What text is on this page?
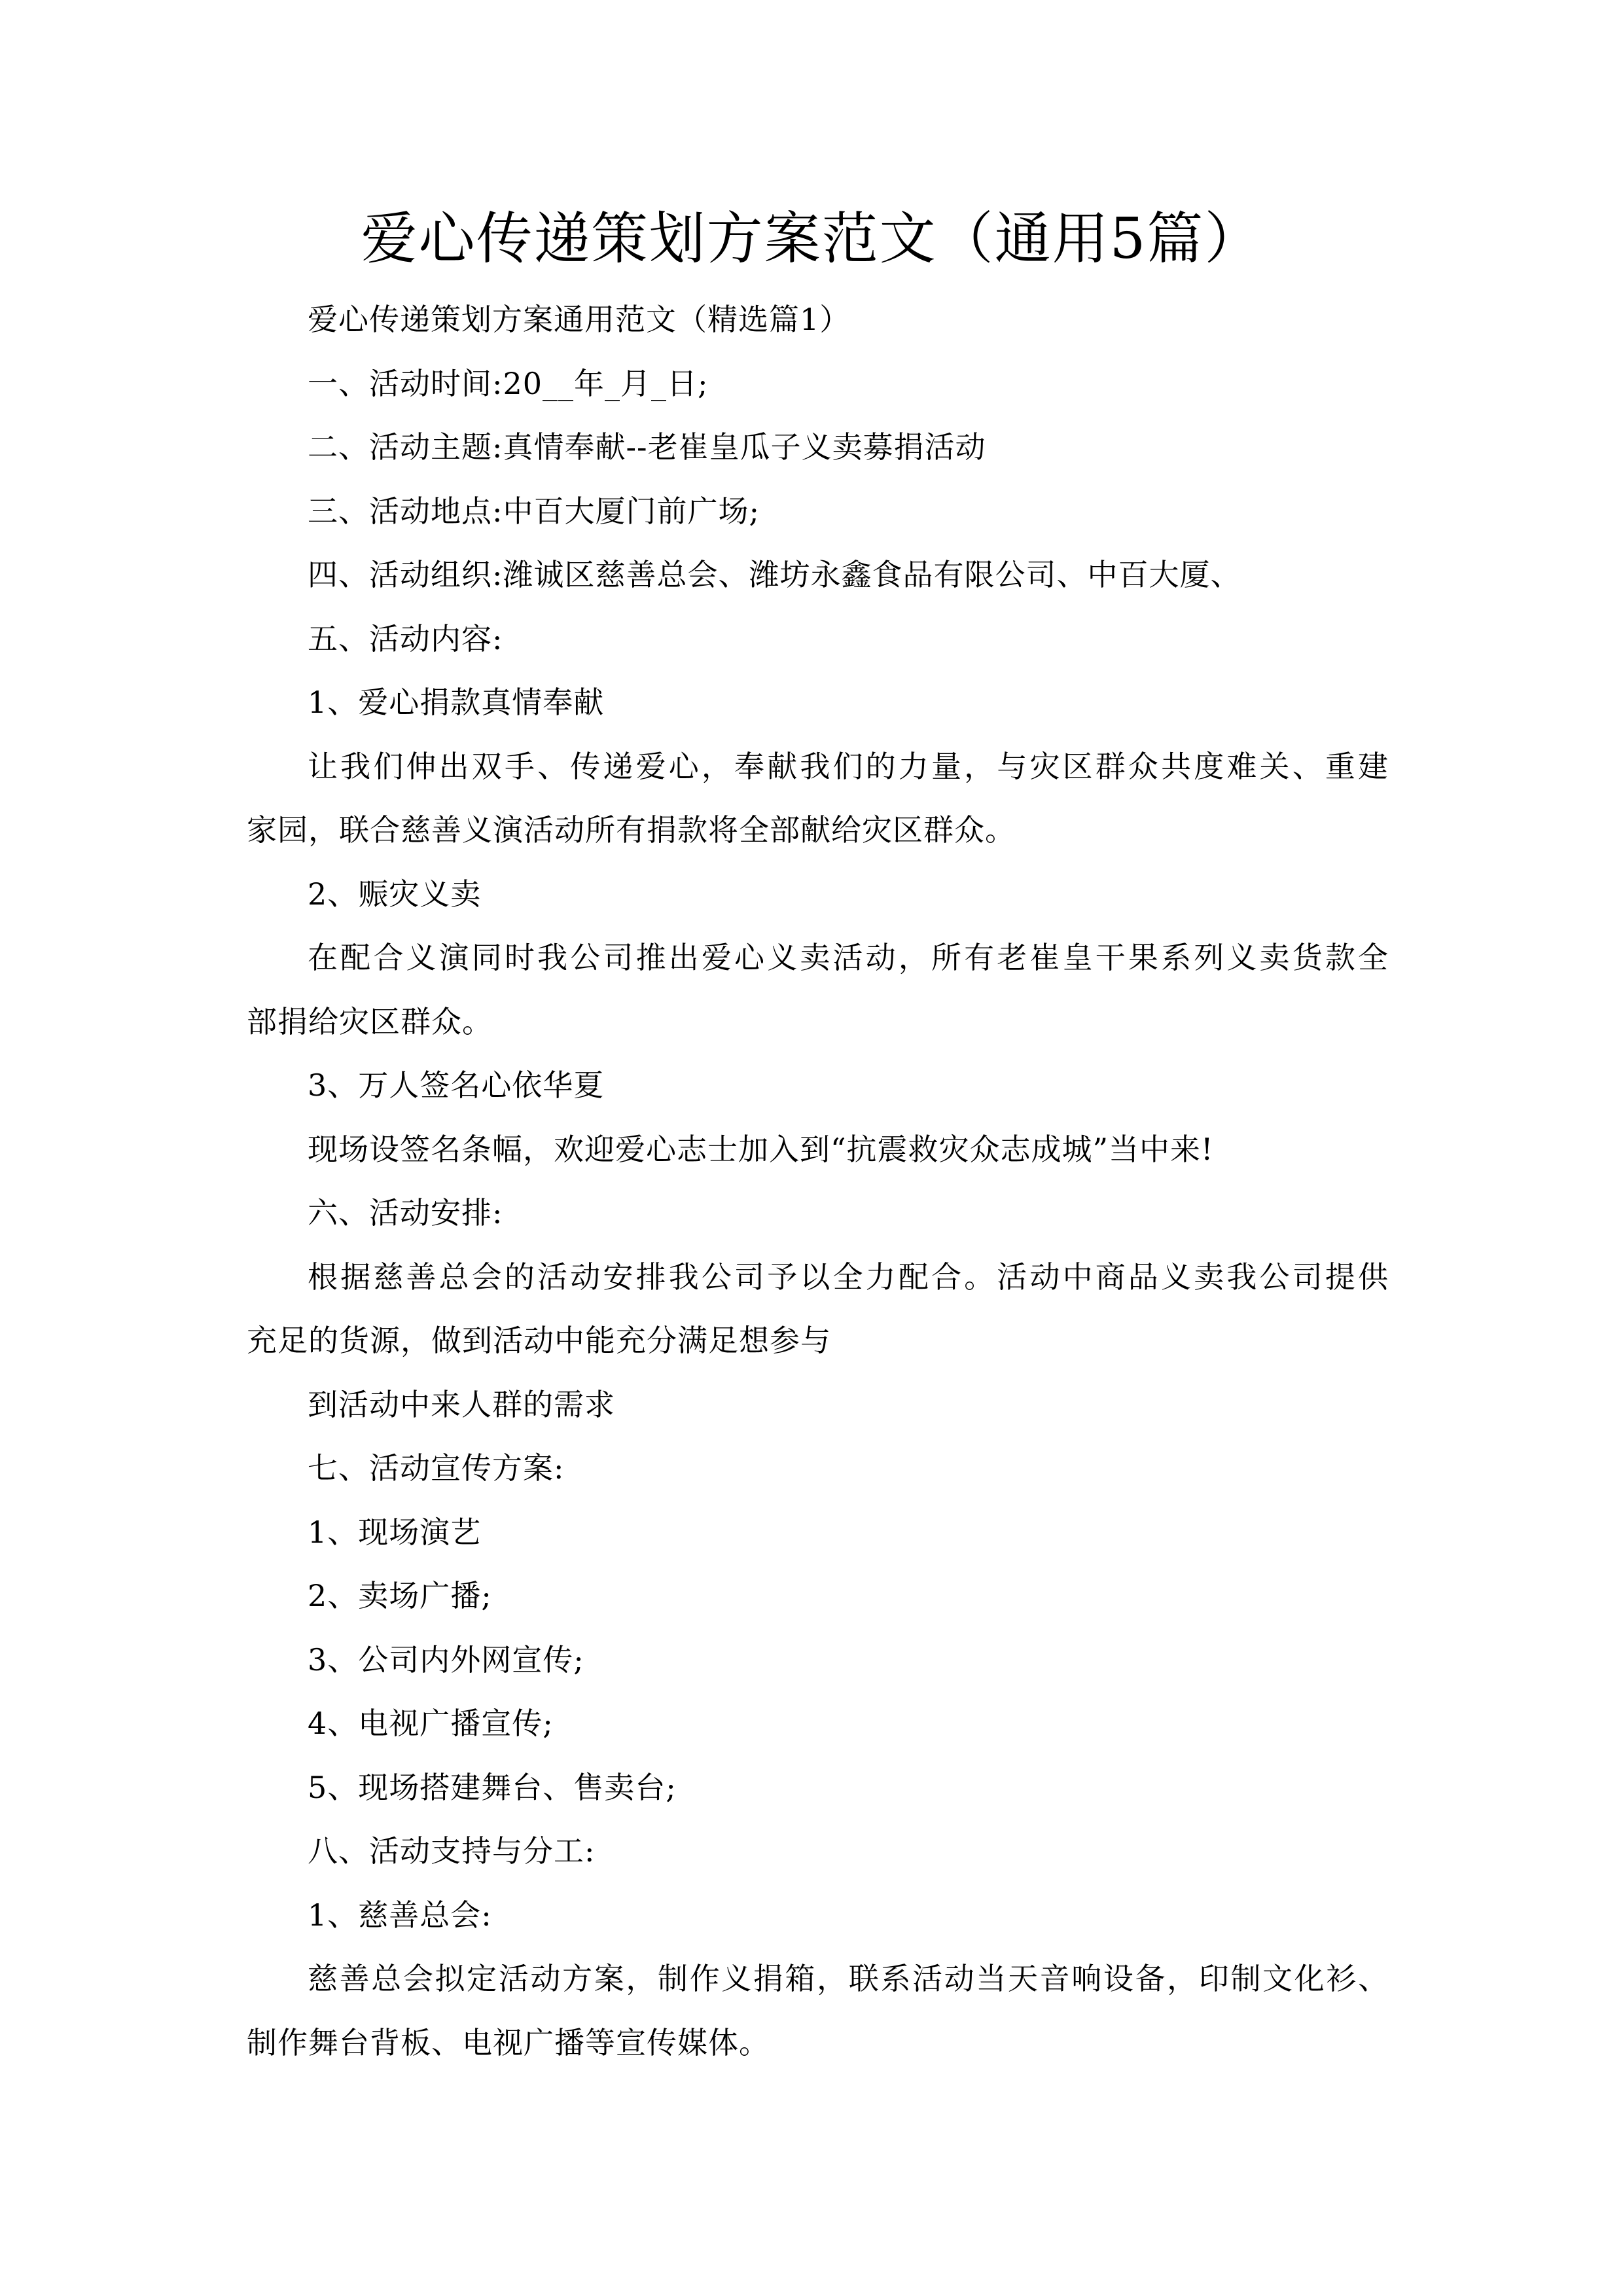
爱心传递策划方案范文（通用5篇）

爱心传递策划方案通用范文（精选篇1）

一、活动时间:20__年_月_日;

二、活动主题:真情奉献--老崔皇瓜子义卖募捐活动

三、活动地点:中百大厦门前广场;

四、活动组织:潍诚区慈善总会、潍坊永鑫食品有限公司、中百大厦、

五、活动内容:

1、爱心捐款真情奉献

让我们伸出双手、传递爱心，奉献我们的力量，与灾区群众共度难关、重建

家园，联合慈善义演活动所有捐款将全部献给灾区群众。

2、赈灾义卖

在配合义演同时我公司推出爱心义卖活动，所有老崔皇干果系列义卖货款全

部捐给灾区群众。

3、万人签名心依华夏

现场设签名条幅，欢迎爱心志士加入到“抗震救灾众志成城”当中来!

六、活动安排:

根据慈善总会的活动安排我公司予以全力配合。活动中商品义卖我公司提供

充足的货源，做到活动中能充分满足想参与

到活动中来人群的需求

七、活动宣传方案:

1、现场演艺

2、卖场广播;

3、公司内外网宣传;

4、电视广播宣传;

5、现场搭建舞台、售卖台;

八、活动支持与分工:

1、慈善总会:

慈善总会拟定活动方案，制作义捐箱，联系活动当天音响设备，印制文化衫、

制作舞台背板、电视广播等宣传媒体。
